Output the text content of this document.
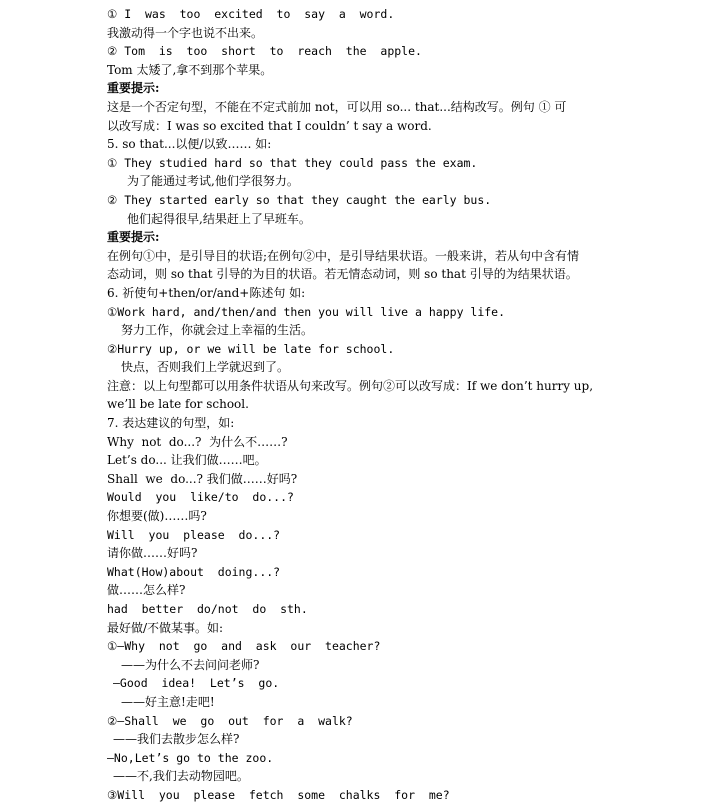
① I  was  too  excited  to  say  a  word.
我激动得一个字也说不出来。
② Tom  is  too  short  to  reach  the  apple.
Tom 太矮了,拿不到那个苹果。
重要提示:
这是一个否定句型，不能在不定式前加 not，可以用 so... that...结构改写。例句 ① 可
以改写成：I was so excited that I couldn’ t say a word.
5. so that...以便/以致…… 如:
① They studied hard so that they could pass the exam.
为了能通过考试,他们学很努力。
② They started early so that they caught the early bus.
他们起得很早,结果赶上了早班车。
重要提示:
在例句①中，是引导目的状语;在例句②中，是引导结果状语。一般来讲，若从句中含有情
态动词，则 so that 引导的为目的状语。若无情态动词，则 so that 引导的为结果状语。
6. 祈使句+then/or/and+陈述句 如:
①Work hard, and/then/and then you will live a happy life.
努力工作，你就会过上幸福的生活。
②Hurry up, or we will be late for school.
快点，否则我们上学就迟到了。
注意：以上句型都可以用条件状语从句来改写。例句②可以改写成：If we don’t hurry up,
we’ll be late for school.
7. 表达建议的句型，如:
Why  not  do...?  为什么不……?
Let’s do... 让我们做……吧。
Shall  we  do...? 我们做……好吗?
Would  you  like/to  do...?
你想要(做)……吗?
Will  you  please  do...?
请你做……好吗?
What(How)about  doing...?
做……怎么样?
had  better  do/not  do  sth.
最好做/不做某事。如:
①—Why  not  go  and  ask  our  teacher?
——为什么不去问问老师?
—Good  idea!  Let’s  go.
——好主意!走吧!
②—Shall  we  go  out  for  a  walk?
——我们去散步怎么样?
—No,Let’s go to the zoo.
——不,我们去动物园吧。
③Will  you  please  fetch  some  chalks  for  me?
